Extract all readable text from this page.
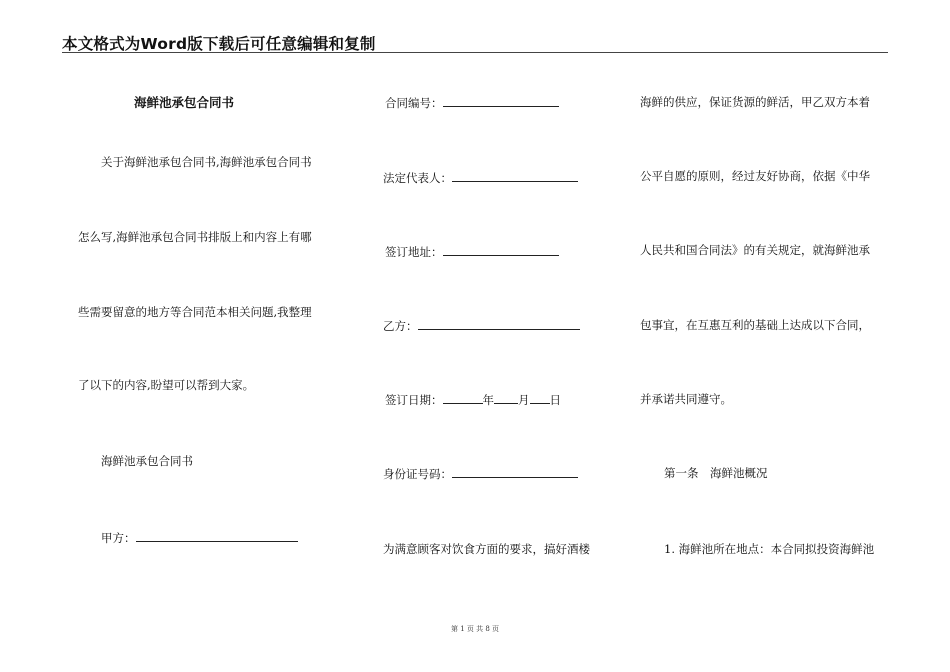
本文格式为Word版下载后可任意编辑和复制
海鲜池承包合同书
关于海鲜池承包合同书,海鲜池承包合同书
怎么写,海鲜池承包合同书排版上和内容上有哪
些需要留意的地方等合同范本相关问题,我整理
了以下的内容,盼望可以帮到大家。
海鲜池承包合同书
甲方：
合同编号：
法定代表人：
签订地址：
乙方：
签订日期：	年 月 日
身份证号码：
为满意顾客对饮食方面的要求，搞好酒楼
海鲜的供应，保证货源的鲜活，甲乙双方本着
公平自愿的原则，经过友好协商，依据《中华
人民共和国合同法》的有关规定，就海鲜池承
包事宜，在互惠互利的基础上达成以下合同，
并承诺共同遵守。
第一条　海鲜池概况
1. 海鲜池所在地点：本合同拟投资海鲜池
第 1 页 共 8 页
